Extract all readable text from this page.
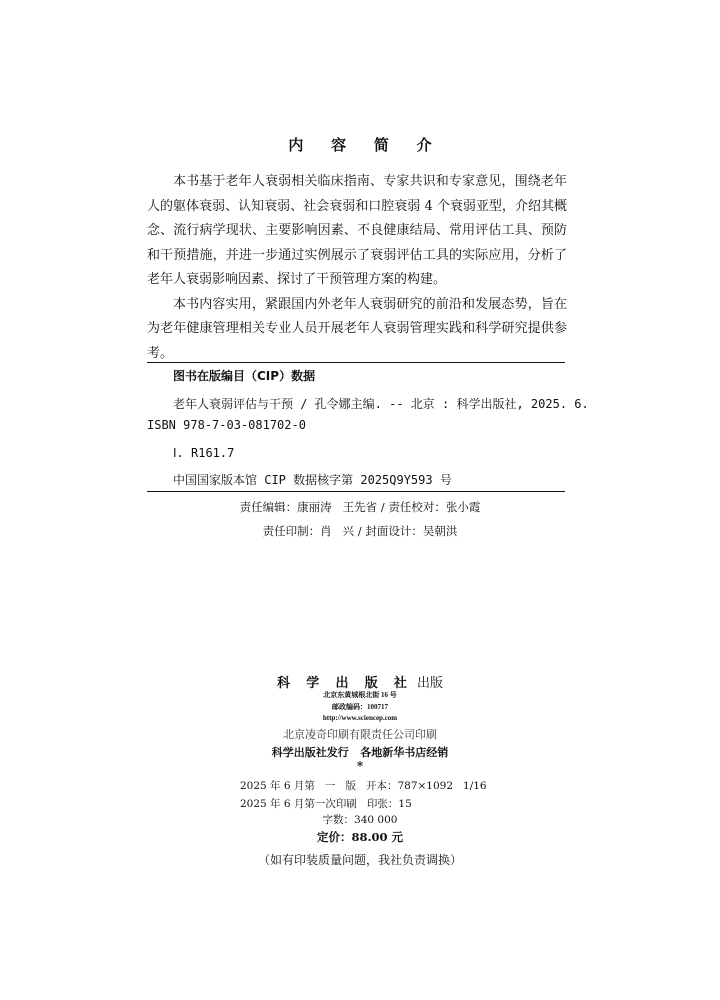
内 容 简 介

本书基于老年人衰弱相关临床指南、专家共识和专家意见，围绕老年人的躯体衰弱、认知衰弱、社会衰弱和口腔衰弱 4 个衰弱亚型，介绍其概念、流行病学现状、主要影响因素、不良健康结局、常用评估工具、预防和干预措施，并进一步通过实例展示了衰弱评估工具的实际应用，分析了老年人衰弱影响因素、探讨了干预管理方案的构建。

本书内容实用，紧跟国内外老年人衰弱研究的前沿和发展态势，旨在为老年健康管理相关专业人员开展老年人衰弱管理实践和科学研究提供参考。

图书在版编目（CIP）数据
老年人衰弱评估与干预 / 孔令娜主编. -- 北京 : 科学出版社, 2025. 6.
ISBN 978-7-03-081702-0
Ⅰ. R161.7
中国国家版本馆 CIP 数据核字第 2025Q9Y593 号
责任编辑：康丽涛   王先省 / 责任校对：张小霞
责任印制：肖   兴 / 封面设计：吴朝洪
科 学 出 版 社 出版
北京东黄城根北街 16 号
邮政编码：100717
http://www.sciencep.com
北京凌奇印刷有限责任公司印刷
科学出版社发行   各地新华书店经销
*
2025 年 6 月第   一   版   开本：787×1092   1/16
2025 年 6 月第一次印刷   印张：15
字数：340 000
定价：88.00 元
（如有印装质量问题，我社负责调换）
